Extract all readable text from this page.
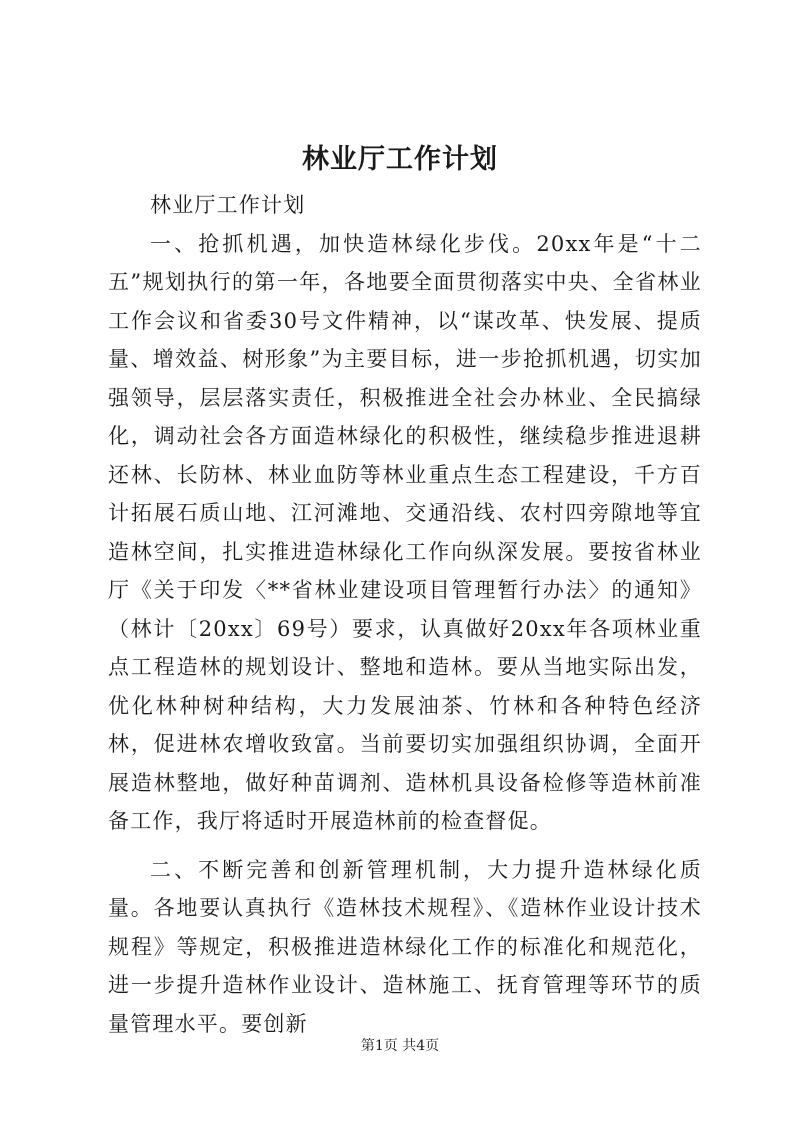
林业厅工作计划

林业厅工作计划

一、抢抓机遇，加快造林绿化步伐。20xx年是“十二五”规划执行的第一年，各地要全面贯彻落实中央、全省林业工作会议和省委30号文件精神，以“谋改革、快发展、提质量、增效益、树形象”为主要目标，进一步抢抓机遇，切实加强领导，层层落实责任，积极推进全社会办林业、全民搞绿化，调动社会各方面造林绿化的积极性，继续稳步推进退耕还林、长防林、林业血防等林业重点生态工程建设，千方百计拓展石质山地、江河滩地、交通沿线、农村四旁隙地等宜造林空间，扎实推进造林绿化工作向纵深发展。要按省林业厅《关于印发〈**省林业建设项目管理暂行办法〉的通知》（林计〔20xx〕69号）要求，认真做好20xx年各项林业重点工程造林的规划设计、整地和造林。要从当地实际出发，优化林种树种结构，大力发展油茶、竹林和各种特色经济林，促进林农增收致富。当前要切实加强组织协调，全面开展造林整地，做好种苗调剂、造林机具设备检修等造林前准备工作，我厅将适时开展造林前的检查督促。

二、不断完善和创新管理机制，大力提升造林绿化质量。各地要认真执行《造林技术规程》、《造林作业设计技术规程》等规定，积极推进造林绿化工作的标准化和规范化，进一步提升造林作业设计、造林施工、抚育管理等环节的质量管理水平。要创新

第1页 共4页
